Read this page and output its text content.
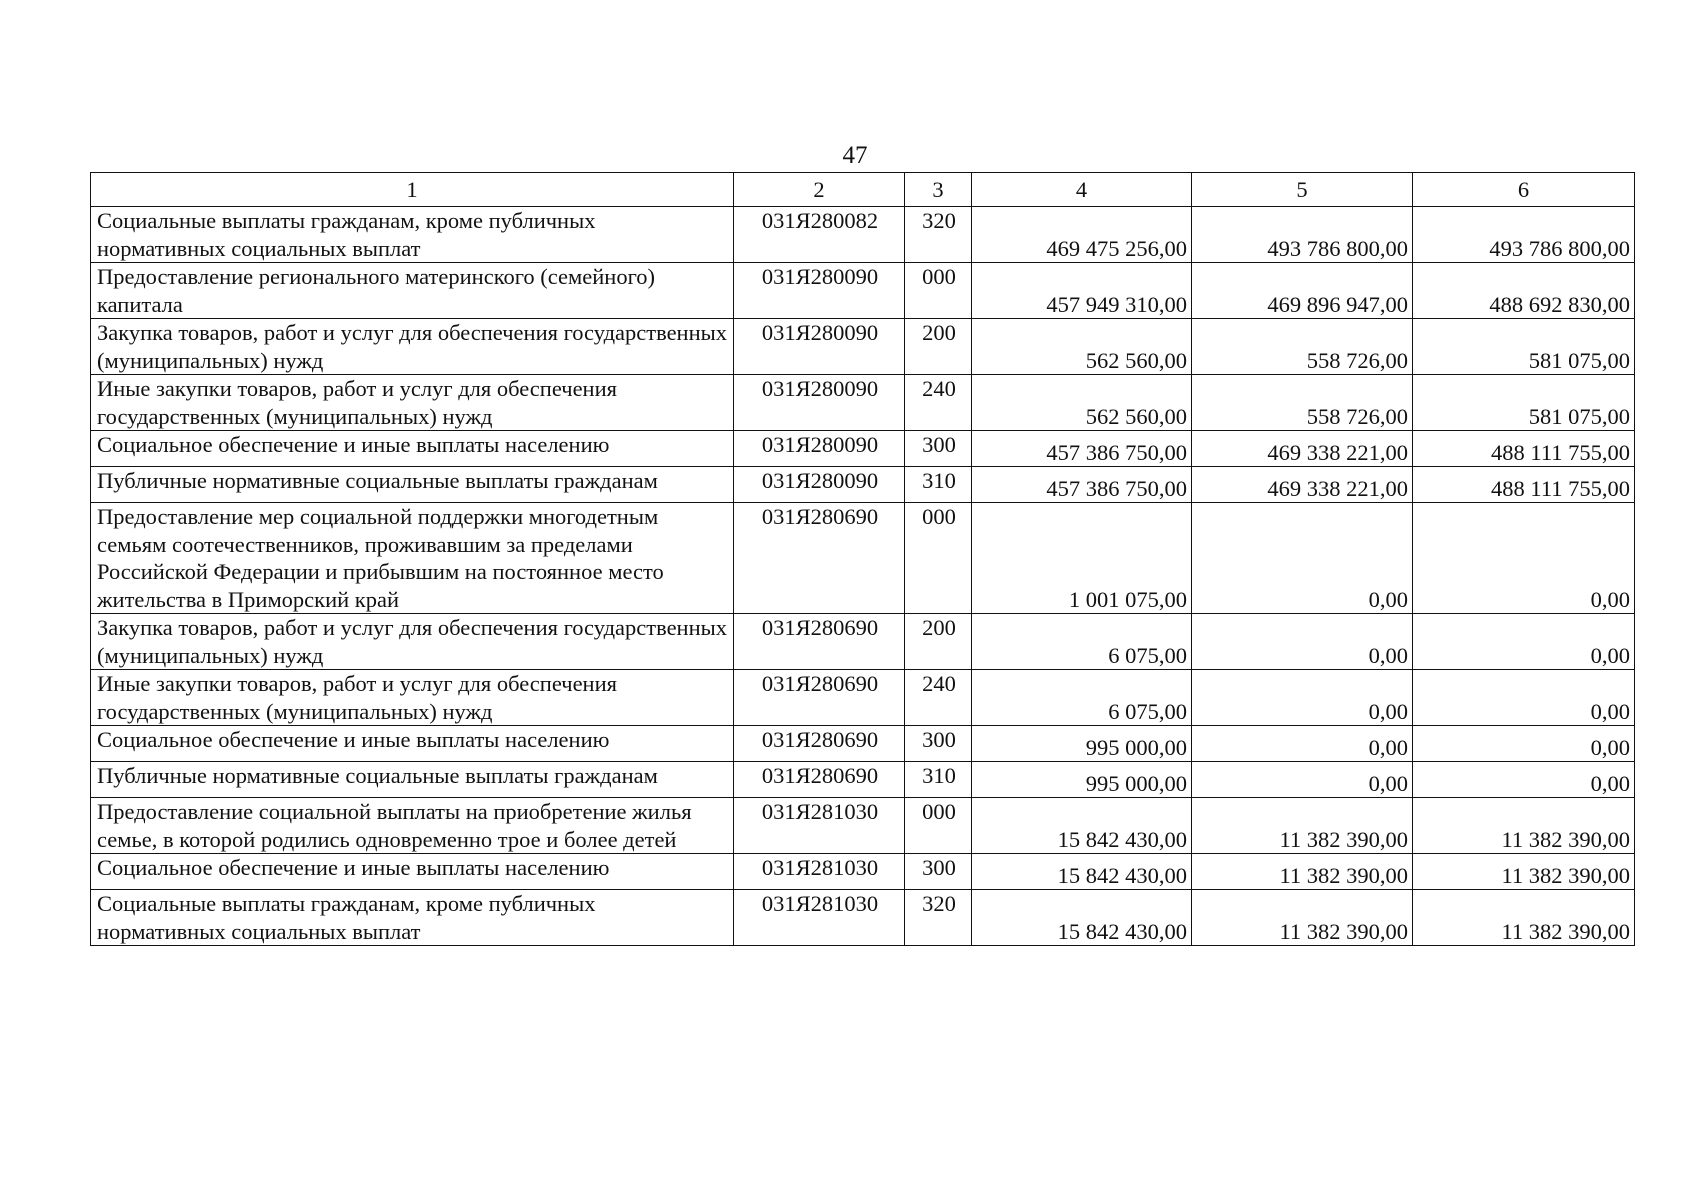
47
1	2	3	4	5	6
Социальные выплаты гражданам, кроме публичных нормативных социальных выплат	031Я280082	320	469 475 256,00	493 786 800,00	493 786 800,00
Предоставление регионального материнского (семейного) капитала	031Я280090	000	457 949 310,00	469 896 947,00	488 692 830,00
Закупка товаров, работ и услуг для обеспечения государственных (муниципальных) нужд	031Я280090	200	562 560,00	558 726,00	581 075,00
Иные закупки товаров, работ и услуг для обеспечения государственных (муниципальных) нужд	031Я280090	240	562 560,00	558 726,00	581 075,00
Социальное обеспечение и иные выплаты населению	031Я280090	300	457 386 750,00	469 338 221,00	488 111 755,00
Публичные нормативные социальные выплаты гражданам	031Я280090	310	457 386 750,00	469 338 221,00	488 111 755,00
Предоставление мер социальной поддержки многодетным семьям соотечественников, проживавшим за пределами Российской Федерации и прибывшим на постоянное место жительства в Приморский край	031Я280690	000	1 001 075,00	0,00	0,00
Закупка товаров, работ и услуг для обеспечения государственных (муниципальных) нужд	031Я280690	200	6 075,00	0,00	0,00
Иные закупки товаров, работ и услуг для обеспечения государственных (муниципальных) нужд	031Я280690	240	6 075,00	0,00	0,00
Социальное обеспечение и иные выплаты населению	031Я280690	300	995 000,00	0,00	0,00
Публичные нормативные социальные выплаты гражданам	031Я280690	310	995 000,00	0,00	0,00
Предоставление социальной выплаты на приобретение жилья семье, в которой родились одновременно трое и более детей	031Я281030	000	15 842 430,00	11 382 390,00	11 382 390,00
Социальное обеспечение и иные выплаты населению	031Я281030	300	15 842 430,00	11 382 390,00	11 382 390,00
Социальные выплаты гражданам, кроме публичных нормативных социальных выплат	031Я281030	320	15 842 430,00	11 382 390,00	11 382 390,00
